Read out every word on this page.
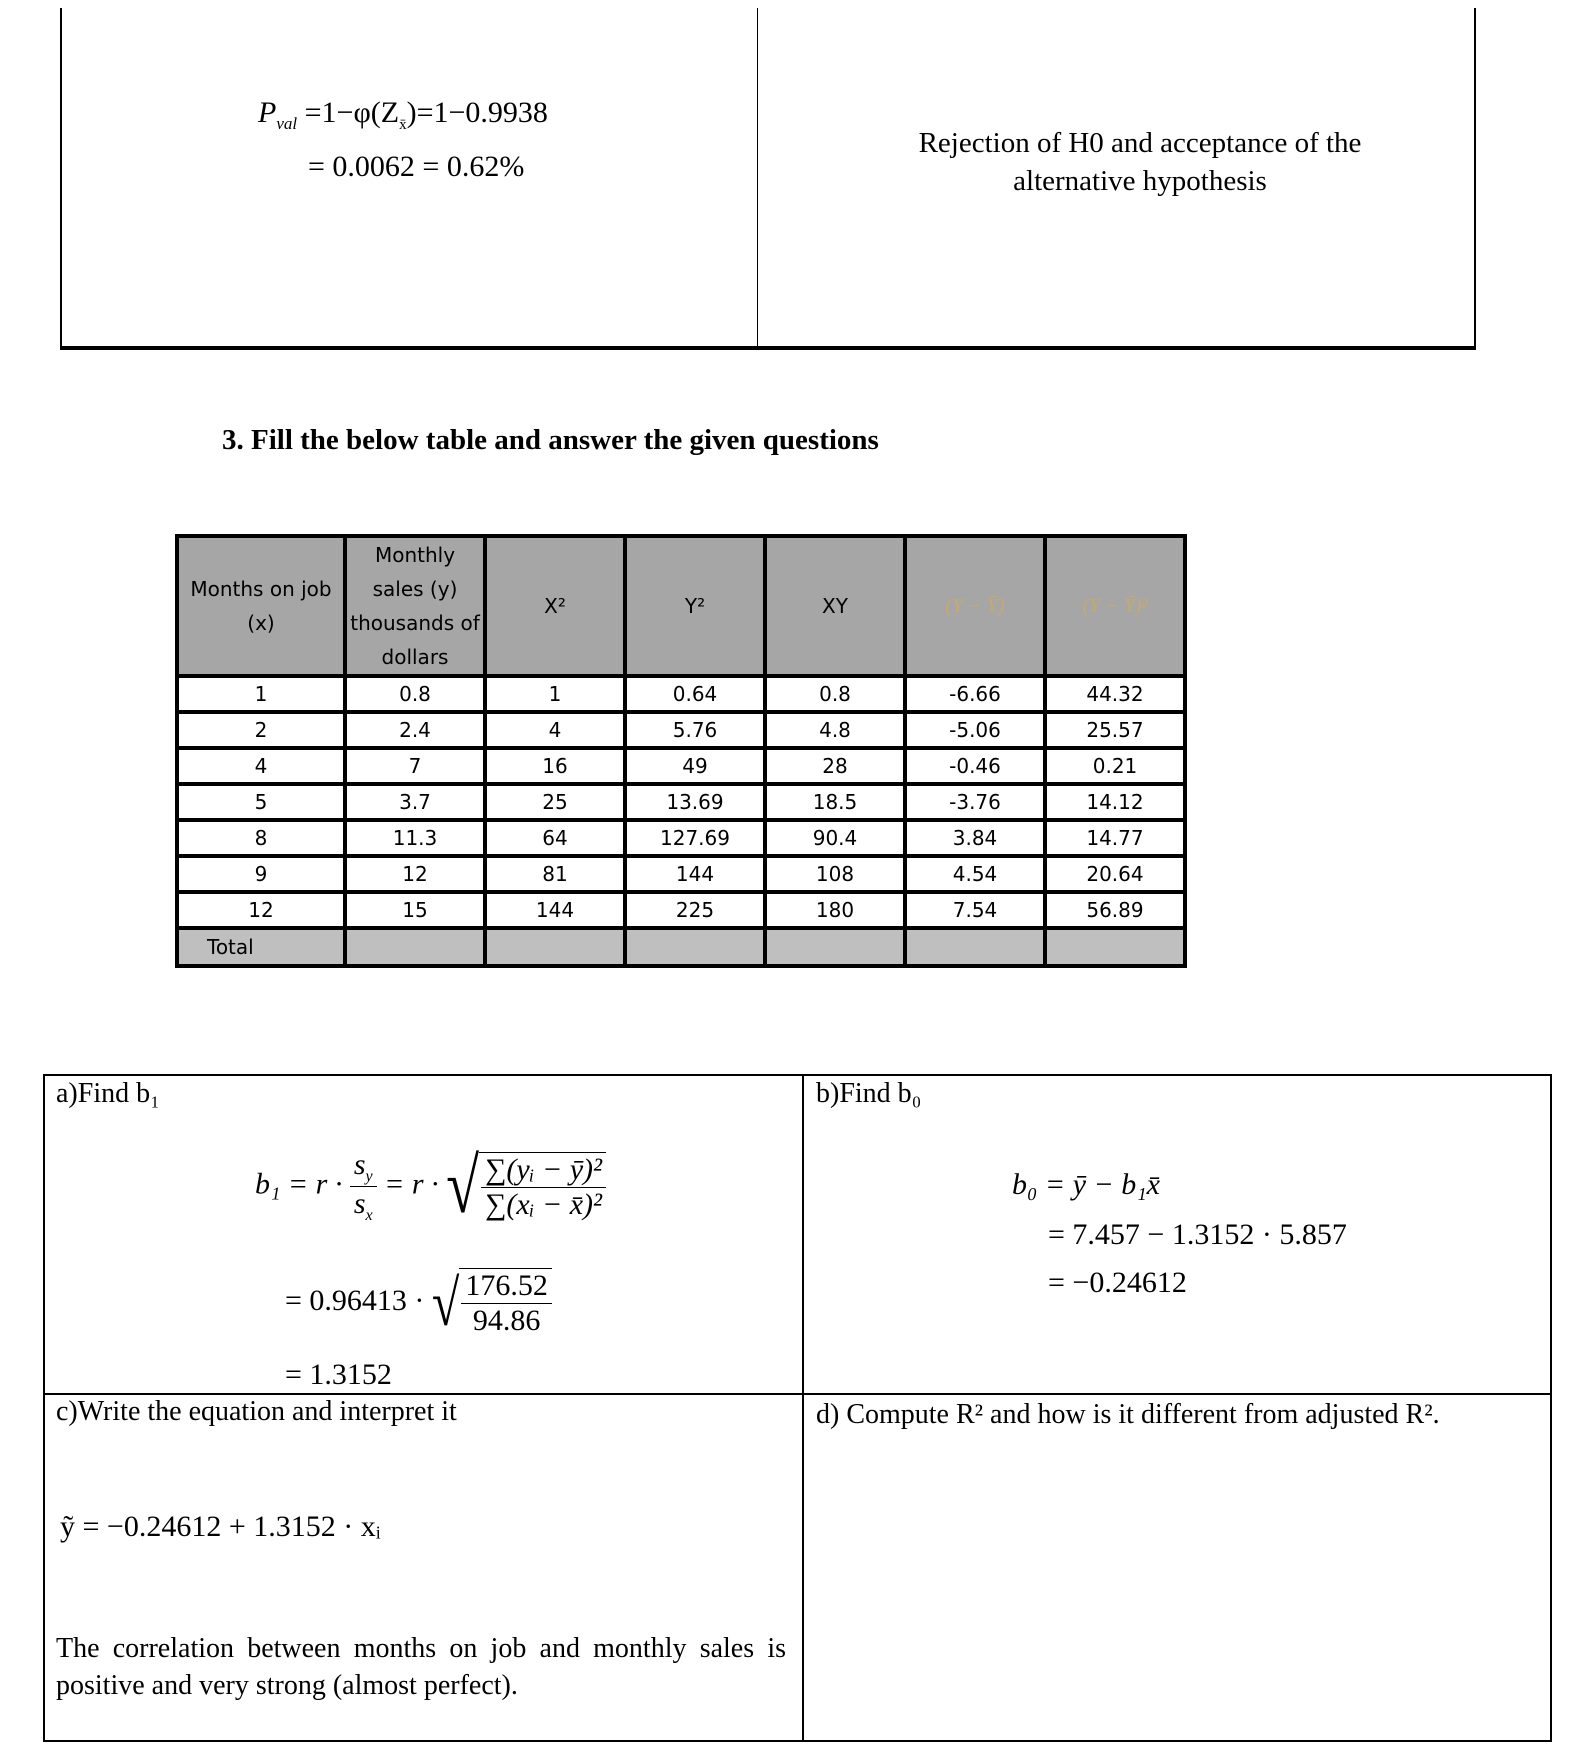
$P_{val} =1-\varphi(Z_{x̄})=1-0.9938$
= 0.0062 = 0.62%
Rejection of H0 and acceptance of the alternative hypothesis
3. Fill the below table and answer the given questions
Months on job (x)	Monthly sales (y) thousands of dollars	X²	Y²	XY	(Y − Ȳ)	(Y − Ȳ)²
1	0.8	1	0.64	0.8	-6.66	44.32
2	2.4	4	5.76	4.8	-5.06	25.57
4	7	16	49	28	-0.46	0.21
5	3.7	25	13.69	18.5	-3.76	14.12
8	11.3	64	127.69	90.4	3.84	14.77
9	12	81	144	108	4.54	20.64
12	15	144	225	180	7.54	56.89
Total						
a)Find b₁
$b_1 = r \cdot \frac{s_y}{s_x} = r$ · √ $\frac{\text{∑(yᵢ − ȳ)²}}{\text{∑(xᵢ − x̄)²}}$
= 0.96413 · √ $\frac{176.52}{94.86}$
= 1.3152
b)Find b₀
b₀ = ȳ − b₁x̄
= 7.457 − 1.3152 · 5.857
= −0.24612
c)Write the equation and interpret it
ỹ = −0.24612 + 1.3152 · xᵢ

The correlation between months on job and monthly sales is positive and very strong (almost perfect).

d) Compute R² and how is it different from adjusted R².
